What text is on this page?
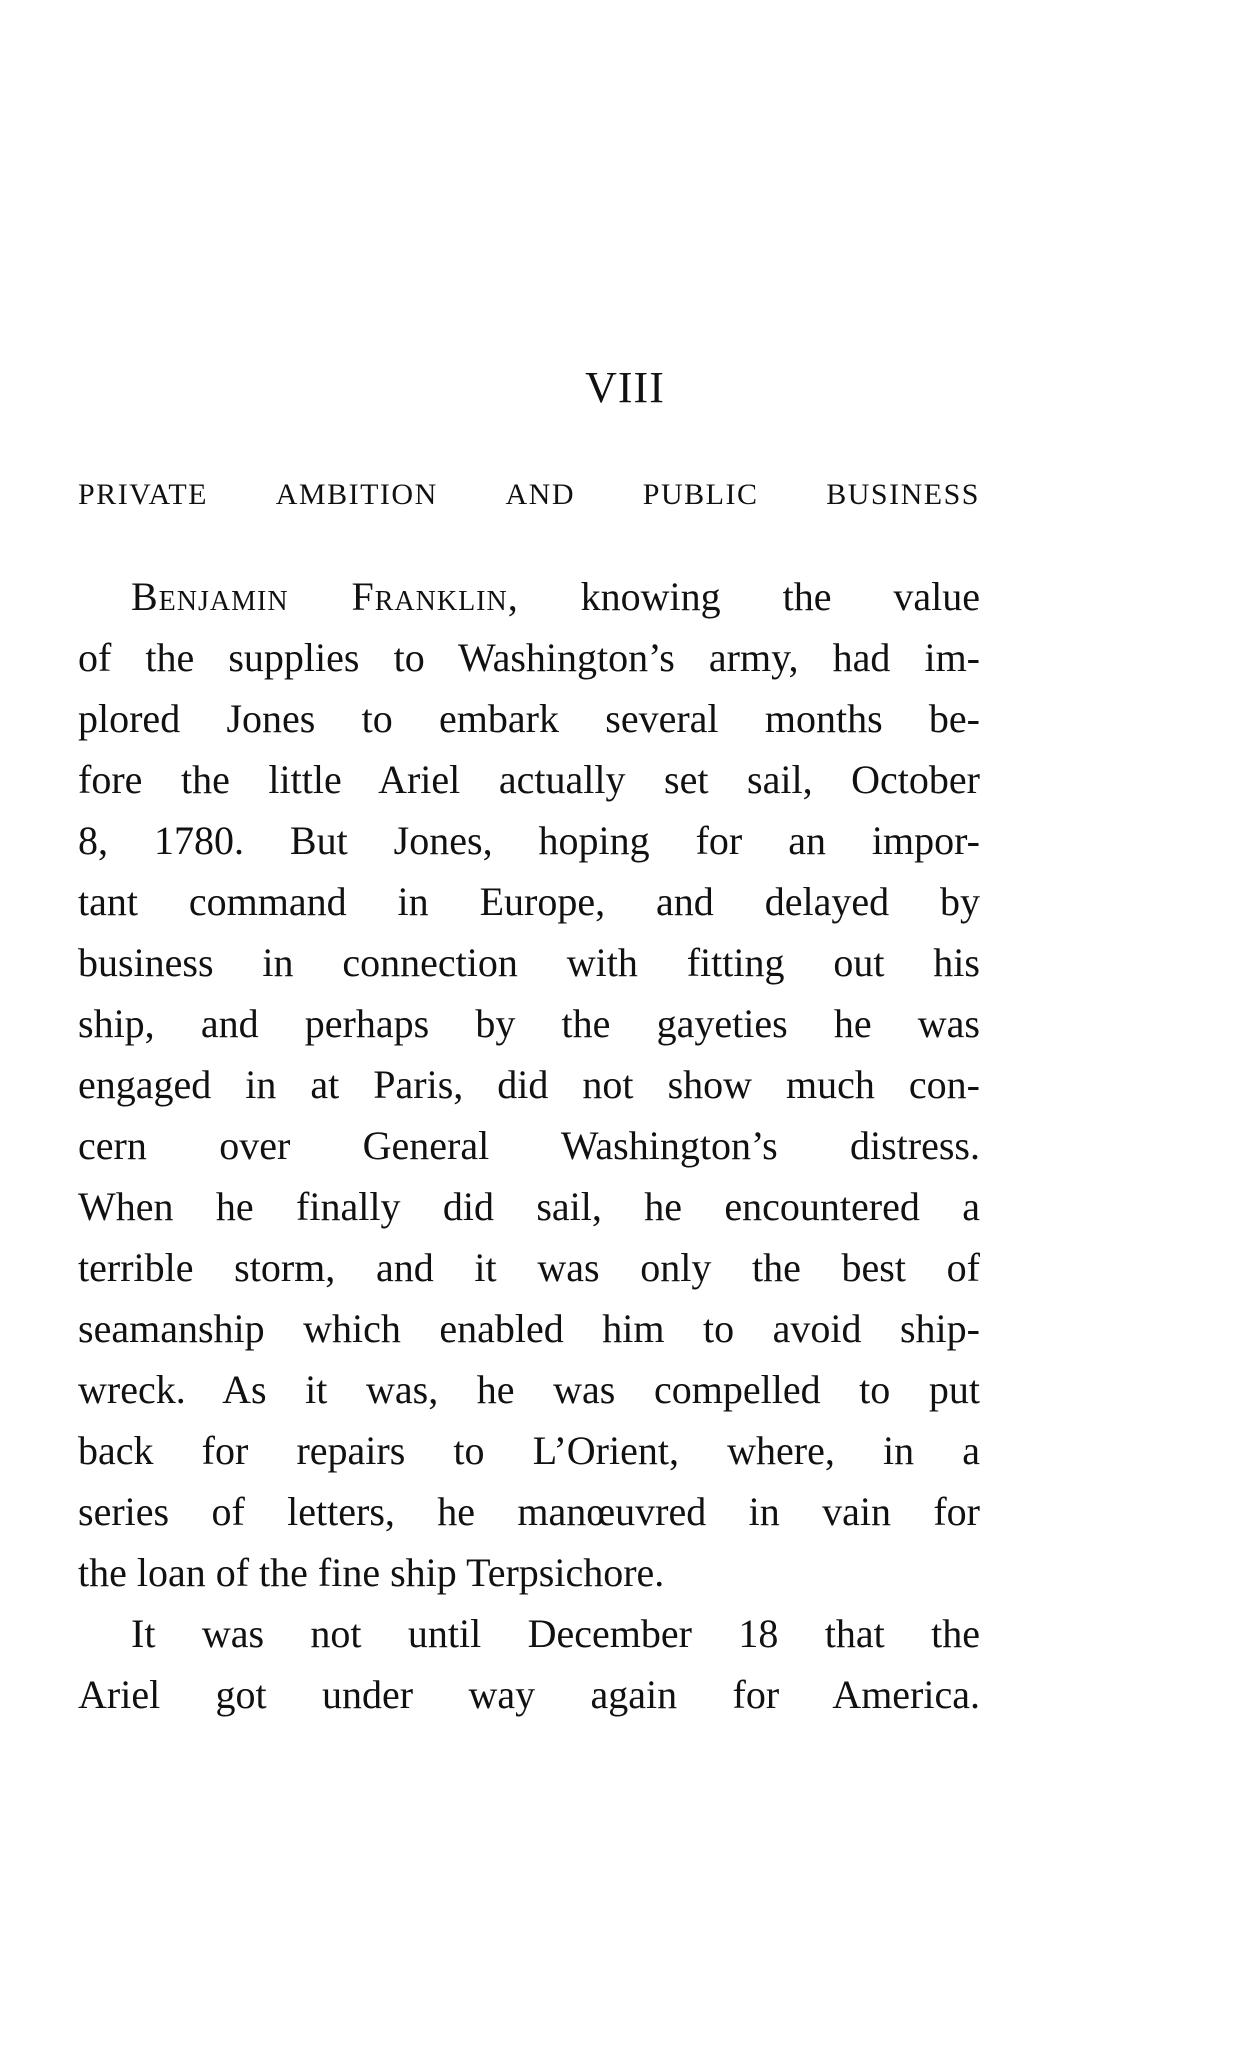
VIII
PRIVATE AMBITION AND PUBLIC BUSINESS
Benjamin Franklin, knowing the value
of the supplies to Washington’s army, had im-
plored Jones to embark several months be-
fore the little Ariel actually set sail, October
8, 1780. But Jones, hoping for an impor-
tant command in Europe, and delayed by
business in connection with fitting out his
ship, and perhaps by the gayeties he was
engaged in at Paris, did not show much con-
cern over General Washington’s distress.
When he finally did sail, he encountered a
terrible storm, and it was only the best of
seamanship which enabled him to avoid ship-
wreck. As it was, he was compelled to put
back for repairs to L’Orient, where, in a
series of letters, he manœuvred in vain for
the loan of the fine ship Terpsichore.
It was not until December 18 that the
Ariel got under way again for America.
